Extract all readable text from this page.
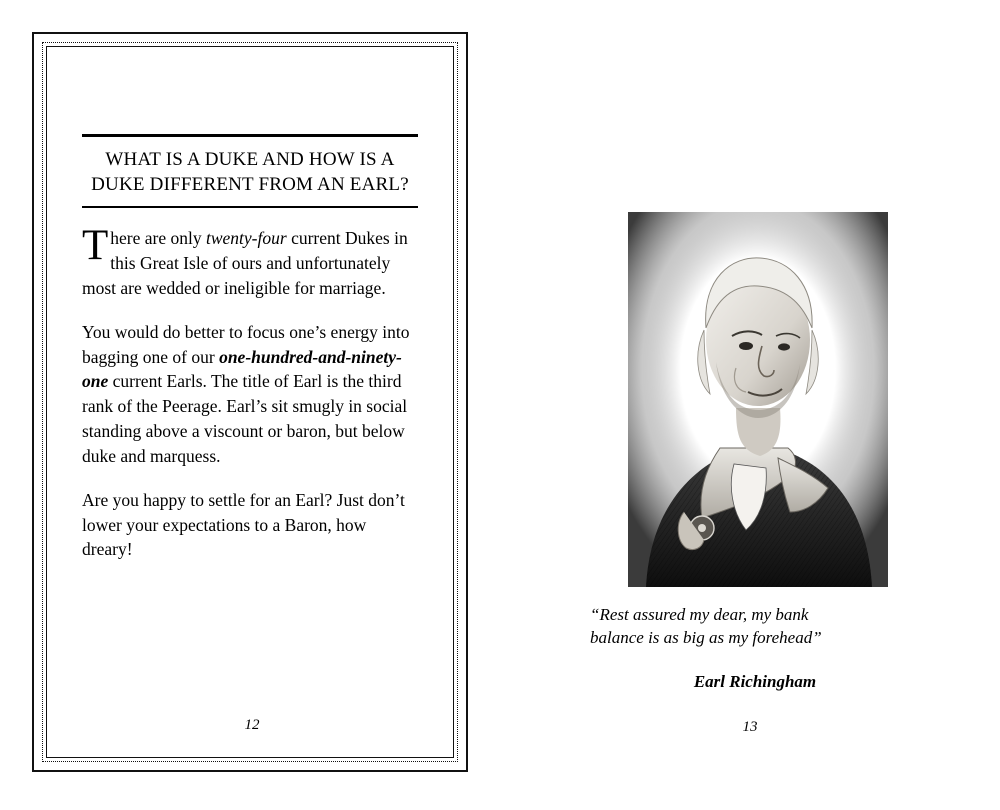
WHAT IS A DUKE AND HOW IS A
DUKE DIFFERENT FROM AN EARL?

There are only twenty-four current Dukes in this Great Isle of ours and unfortunately most are wedded or ineligible for marriage.

You would do better to focus one’s energy into bagging one of our one-hundred-and-ninety-one current Earls. The title of Earl is the third rank of the Peerage. Earl’s sit smugly in social standing above a viscount or baron, but below duke and marquess.

Are you happy to settle for an Earl? Just don’t lower your expectations to a Baron, how dreary!

12
“Rest assured my dear, my bank
balance is as big as my forehead”
Earl Richingham
13
